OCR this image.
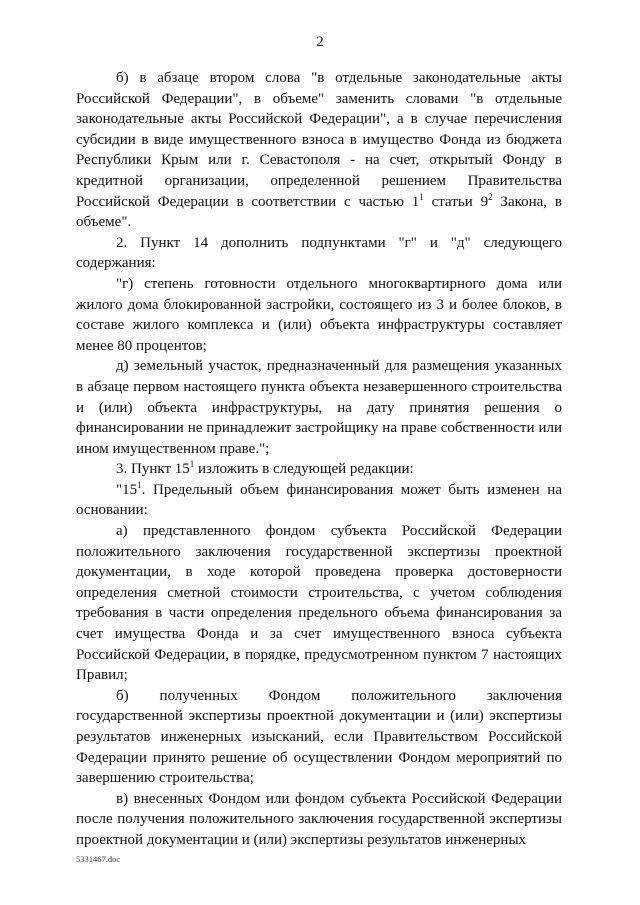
2

б) в абзаце втором слова "в отдельные законодательные акты Российской Федерации", в объеме" заменить словами "в отдельные законодательные акты Российской Федерации", а в случае перечисления субсидии в виде имущественного взноса в имущество Фонда из бюджета Республики Крым или г. Севастополя - на счет, открытый Фонду в кредитной организации, определенной решением Правительства Российской Федерации в соответствии с частью $1^1$ статьи $9^2$ Закона, в объеме".

2. Пункт 14 дополнить подпунктами "г" и "д" следующего содержания:

"г) степень готовности отдельного многоквартирного дома или жилого дома блокированной застройки, состоящего из 3 и более блоков, в составе жилого комплекса и (или) объекта инфраструктуры составляет менее 80 процентов;

д) земельный участок, предназначенный для размещения указанных в абзаце первом настоящего пункта объекта незавершенного строительства и (или) объекта инфраструктуры, на дату принятия решения о финансировании не принадлежит застройщику на праве собственности или ином имущественном праве.";

3. Пункт $15^1$ изложить в следующей редакции:

"$15^1$. Предельный объем финансирования может быть изменен на основании:

а) представленного фондом субъекта Российской Федерации положительного заключения государственной экспертизы проектной документации, в ходе которой проведена проверка достоверности определения сметной стоимости строительства, с учетом соблюдения требования в части определения предельного объема финансирования за счет имущества Фонда и за счет имущественного взноса субъекта Российской Федерации, в порядке, предусмотренном пунктом 7 настоящих Правил;

б) полученных Фондом положительного заключения государственной экспертизы проектной документации и (или) экспертизы результатов инженерных изысканий, если Правительством Российской Федерации принято решение об осуществлении Фондом мероприятий по завершению строительства;

в) внесенных Фондом или фондом субъекта Российской Федерации после получения положительного заключения государственной экспертизы проектной документации и (или) экспертизы результатов инженерных

5331467.doc
